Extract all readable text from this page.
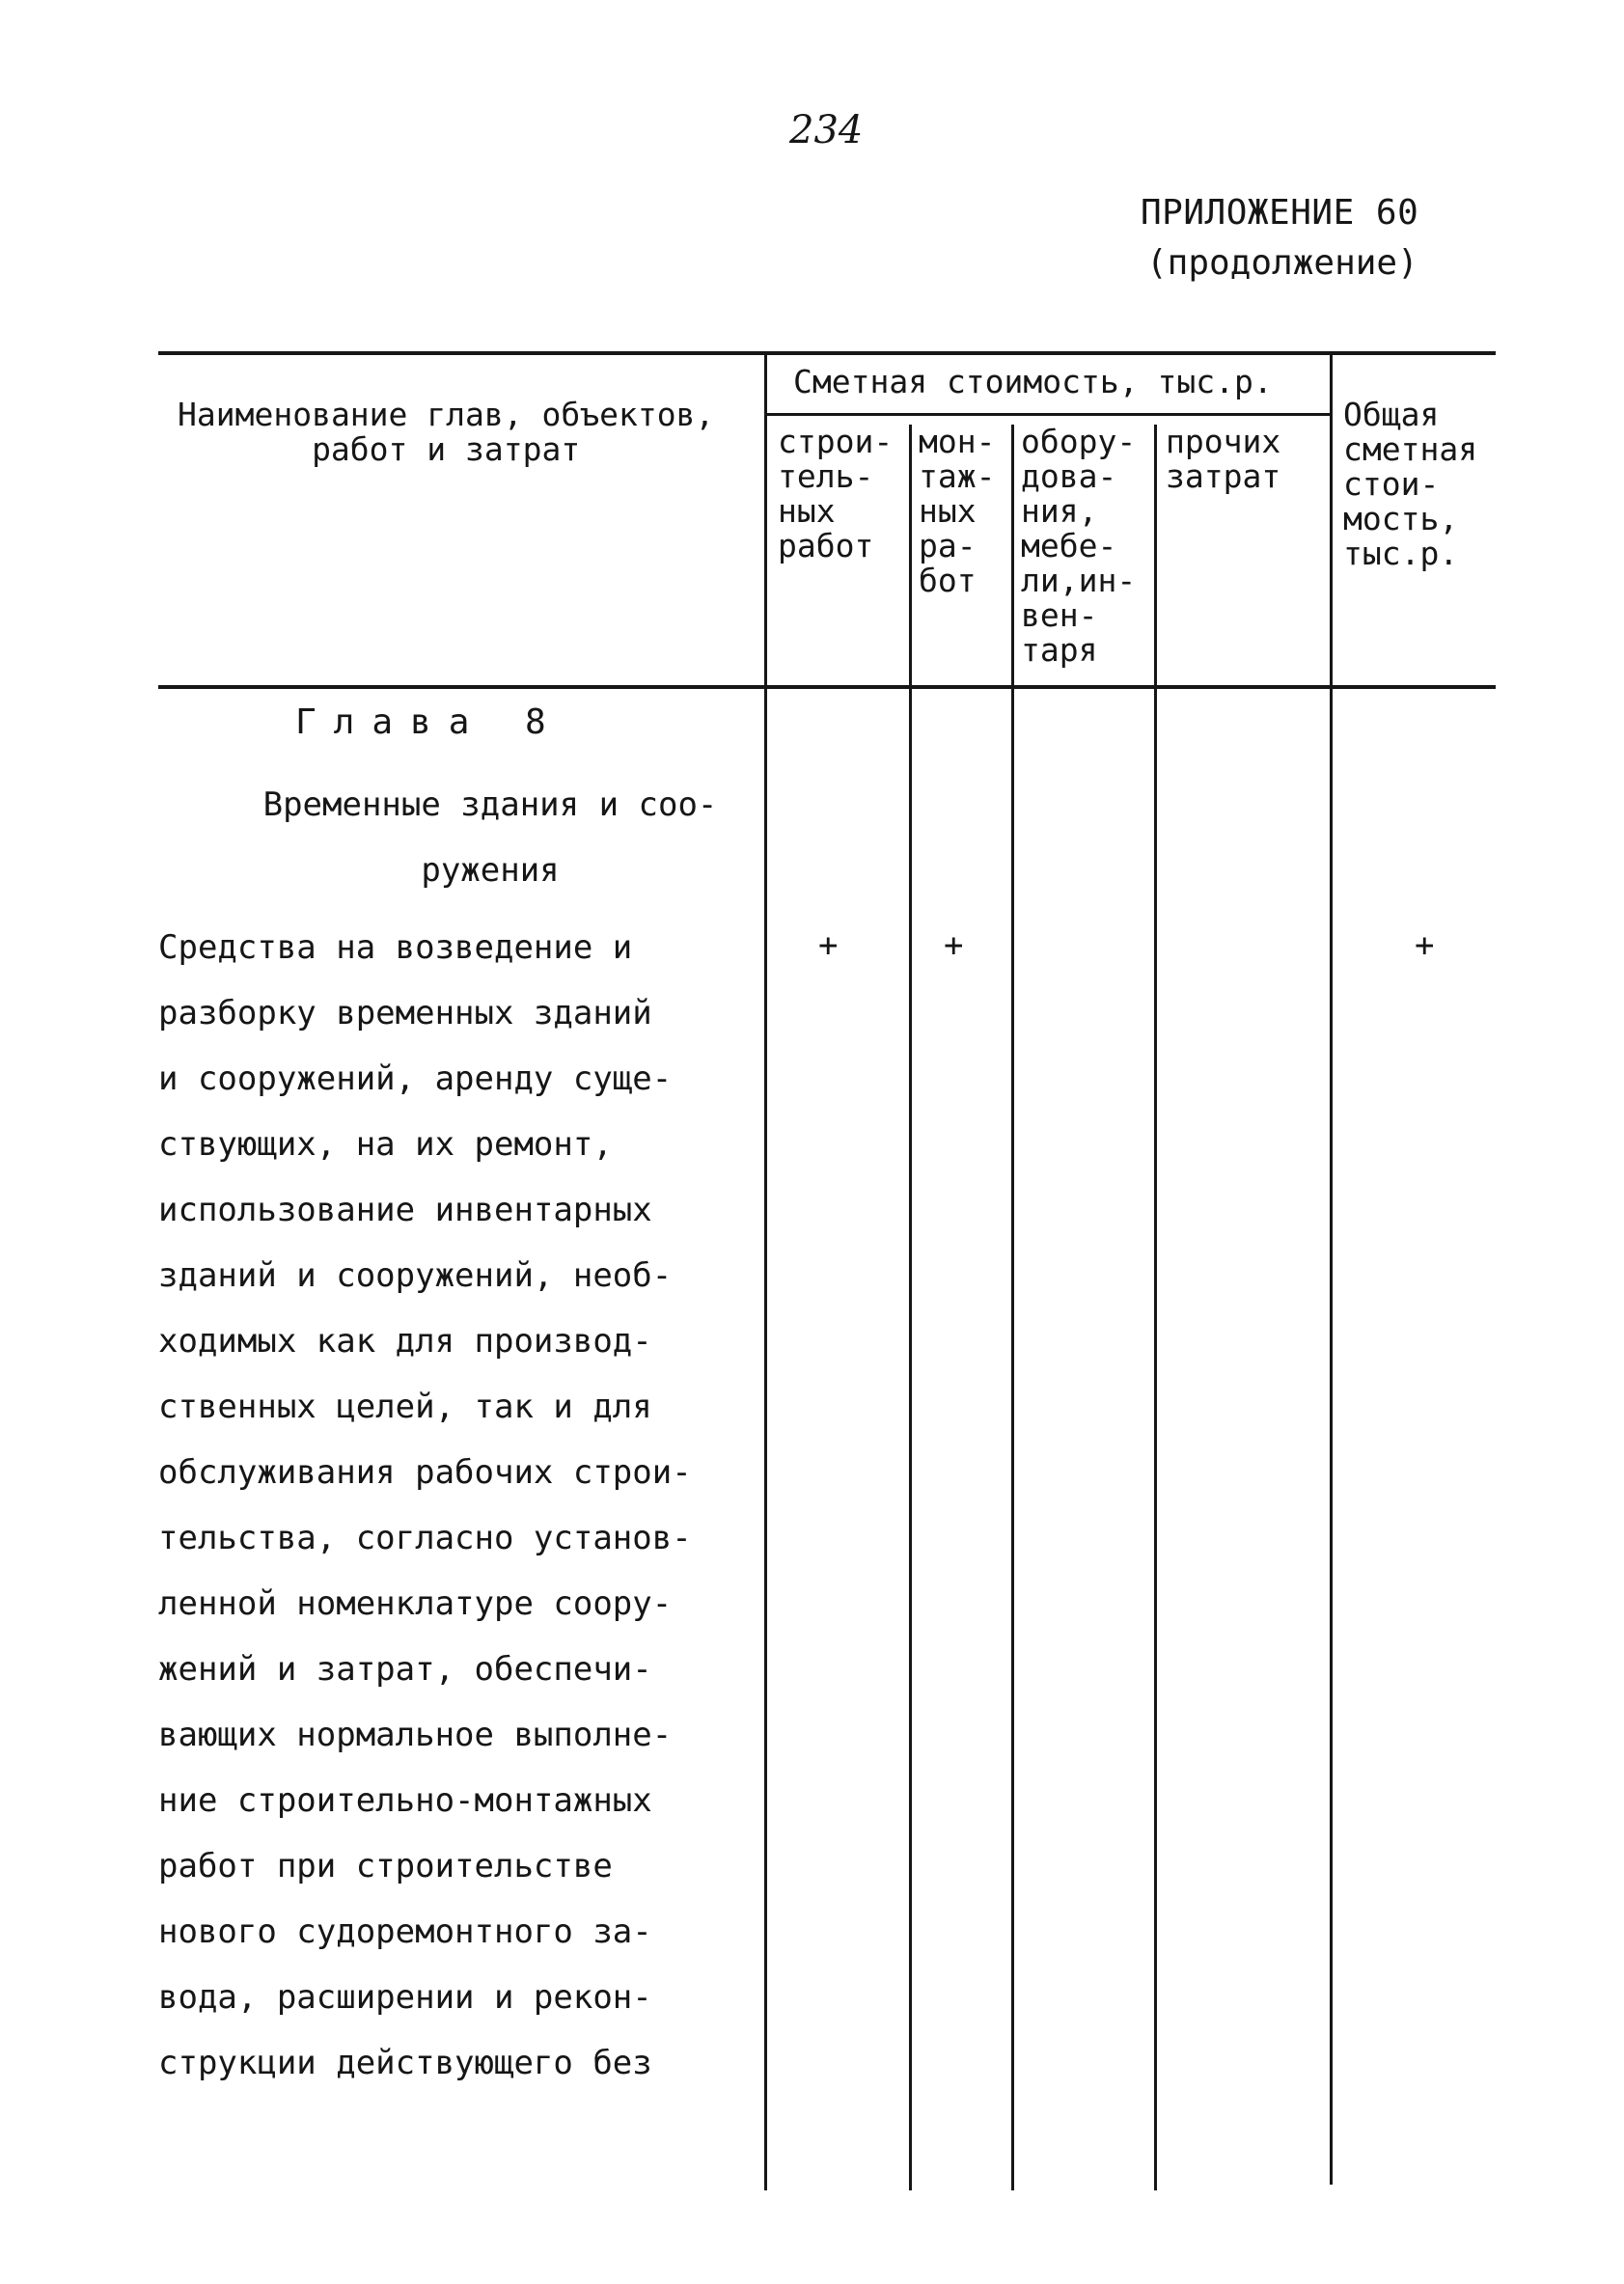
234
ПРИЛОЖЕНИЕ 60
(продолжение)
Наименование глав, объектов,
работ и затрат
Сметная стоимость, тыс.р.
строи-
тель-
ных
работ
мон-
таж-
ных
ра-
бот
обору-
дова-
ния,
мебе-
ли,ин-
вен-
таря
прочих
затрат
Общая
сметная
стои-
мость,
тыс.р.
Глава 8
Временные здания и соо-
ружения
Средства на возведение и
разборку временных зданий
и сооружений, аренду суще-
ствующих, на их ремонт,
использование инвентарных
зданий и сооружений, необ-
ходимых как для производ-
ственных целей, так и для
обслуживания рабочих строи-
тельства, согласно установ-
ленной номенклатуре соору-
жений и затрат, обеспечи-
вающих нормальное выполне-
ние строительно-монтажных
работ при строительстве
нового судоремонтного за-
вода, расширении и рекон-
струкции действующего без
+	+	+
